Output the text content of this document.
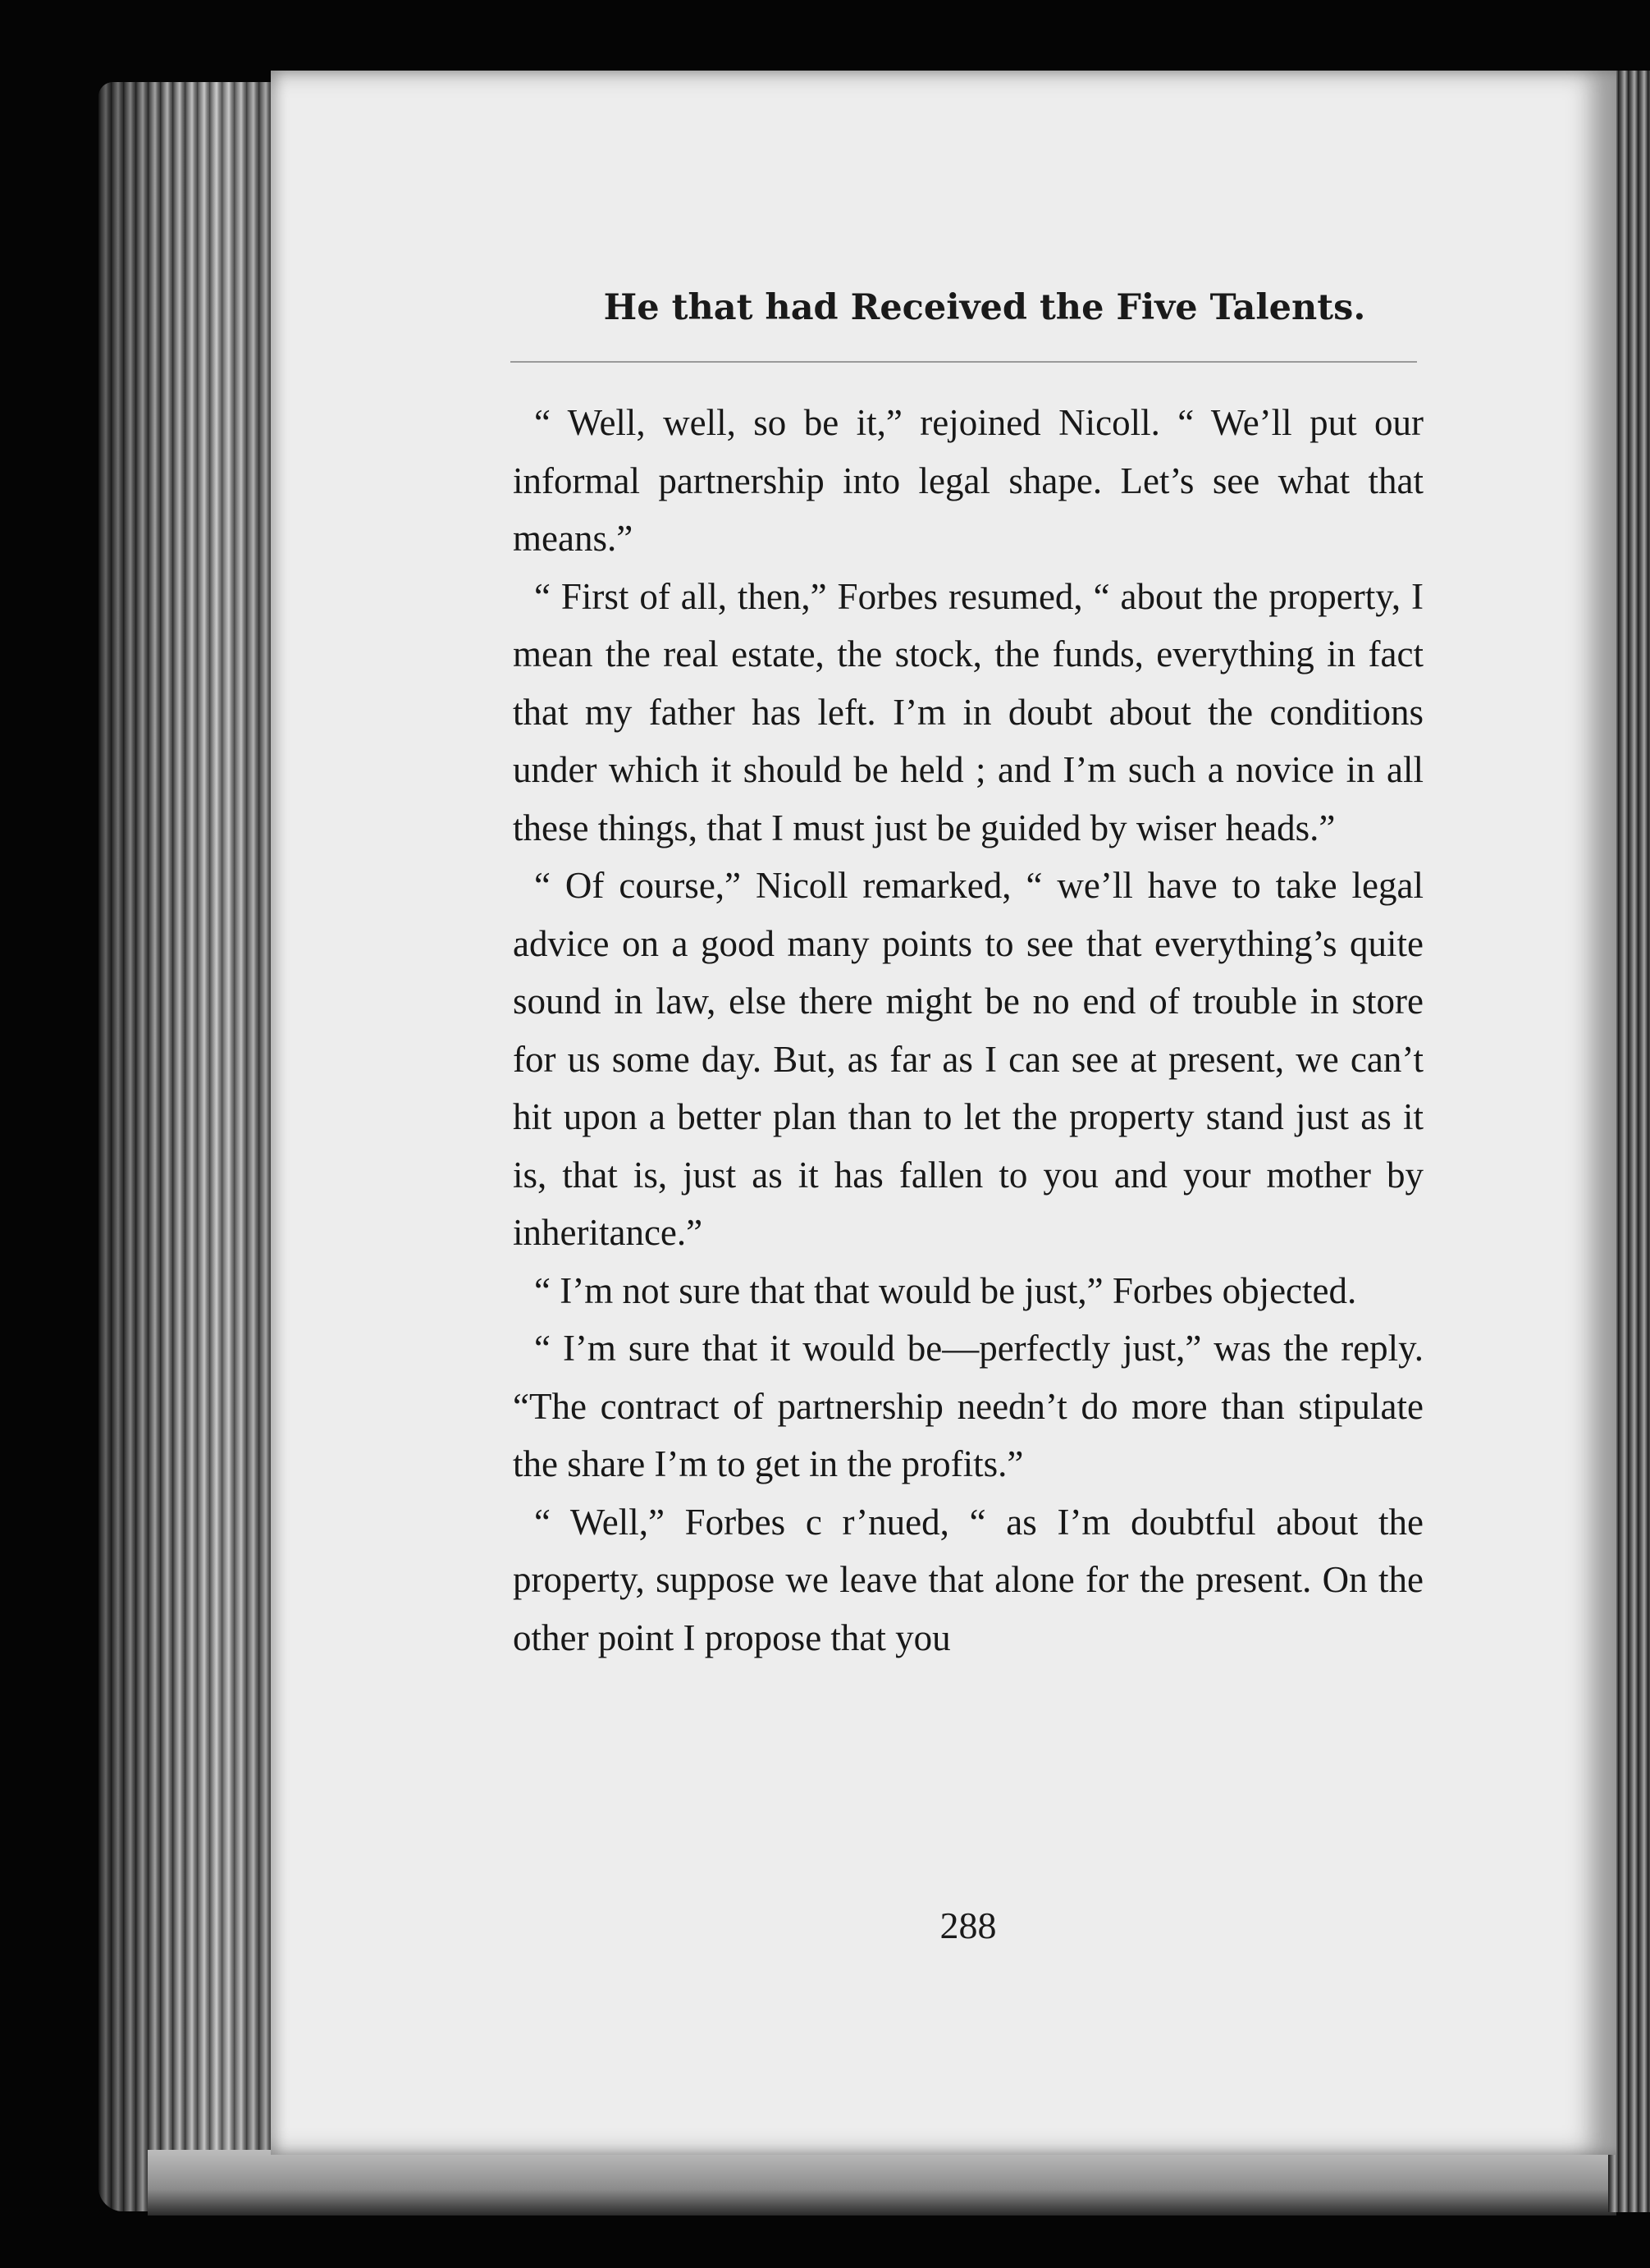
He that had Received the Five Talents.

“ Well, well, so be it,” rejoined Nicoll. “ We’ll put our informal partnership into legal shape. Let’s see what that means.”

“ First of all, then,” Forbes resumed, “ about the property, I mean the real estate, the stock, the funds, everything in fact that my father has left. I’m in doubt about the conditions under which it should be held ; and I’m such a novice in all these things, that I must just be guided by wiser heads.”

“ Of course,” Nicoll remarked, “ we’ll have to take legal advice on a good many points to see that everything’s quite sound in law, else there might be no end of trouble in store for us some day. But, as far as I can see at present, we can’t hit upon a better plan than to let the property stand just as it is, that is, just as it has fallen to you and your mother by inheritance.”

“ I’m not sure that that would be just,” Forbes objected.

“ I’m sure that it would be—perfectly just,” was the reply. “The contract of partnership needn’t do more than stipulate the share I’m to get in the profits.”

“ Well,” Forbes c r’nued, “ as I’m doubtful about the property, suppose we leave that alone for the present. On the other point I propose that you

288
